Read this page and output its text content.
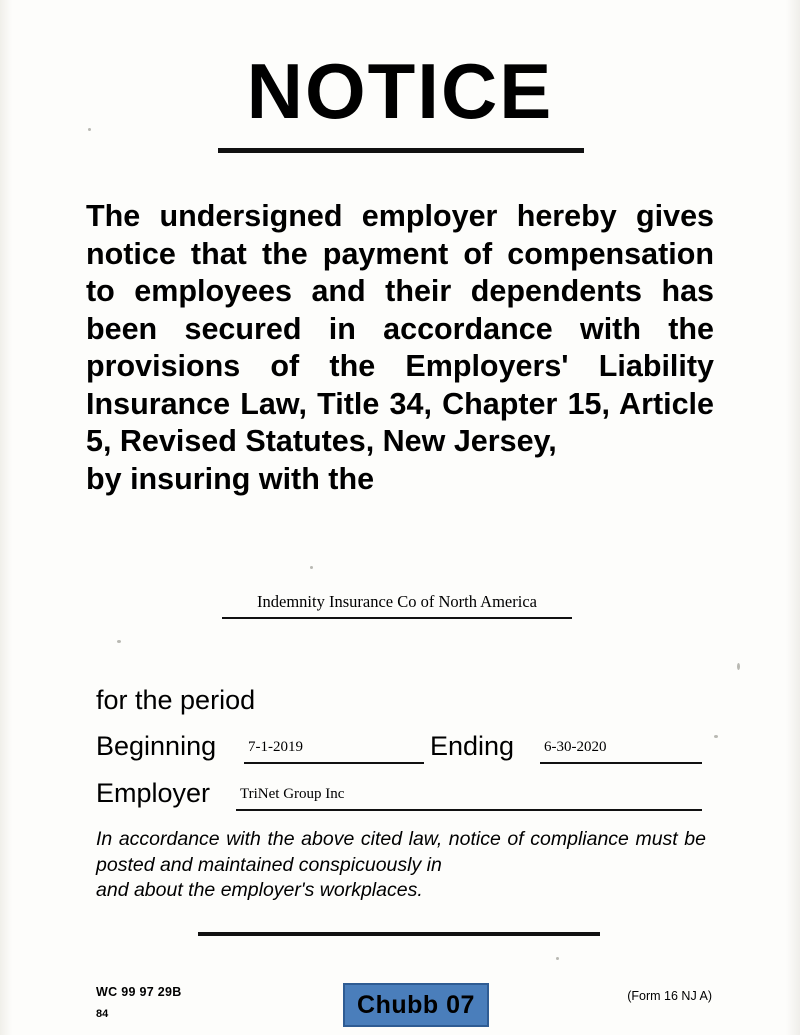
NOTICE
The undersigned employer hereby gives notice that the payment of compensation to employees and their dependents has been secured in accordance with the provisions of the Employers' Liability Insurance Law, Title 34, Chapter 15, Article 5, Revised Statutes, New Jersey,
by insuring with the
Indemnity Insurance Co of North America
for the period
Beginning 7-1-2019	Ending 6-30-2020
Employer TriNet Group Inc
In accordance with the above cited law, notice of compliance must be posted and maintained conspicuously in
and about the employer's workplaces.
WC 99 97 29B
84	Chubb 07	(Form 16 NJ A)
